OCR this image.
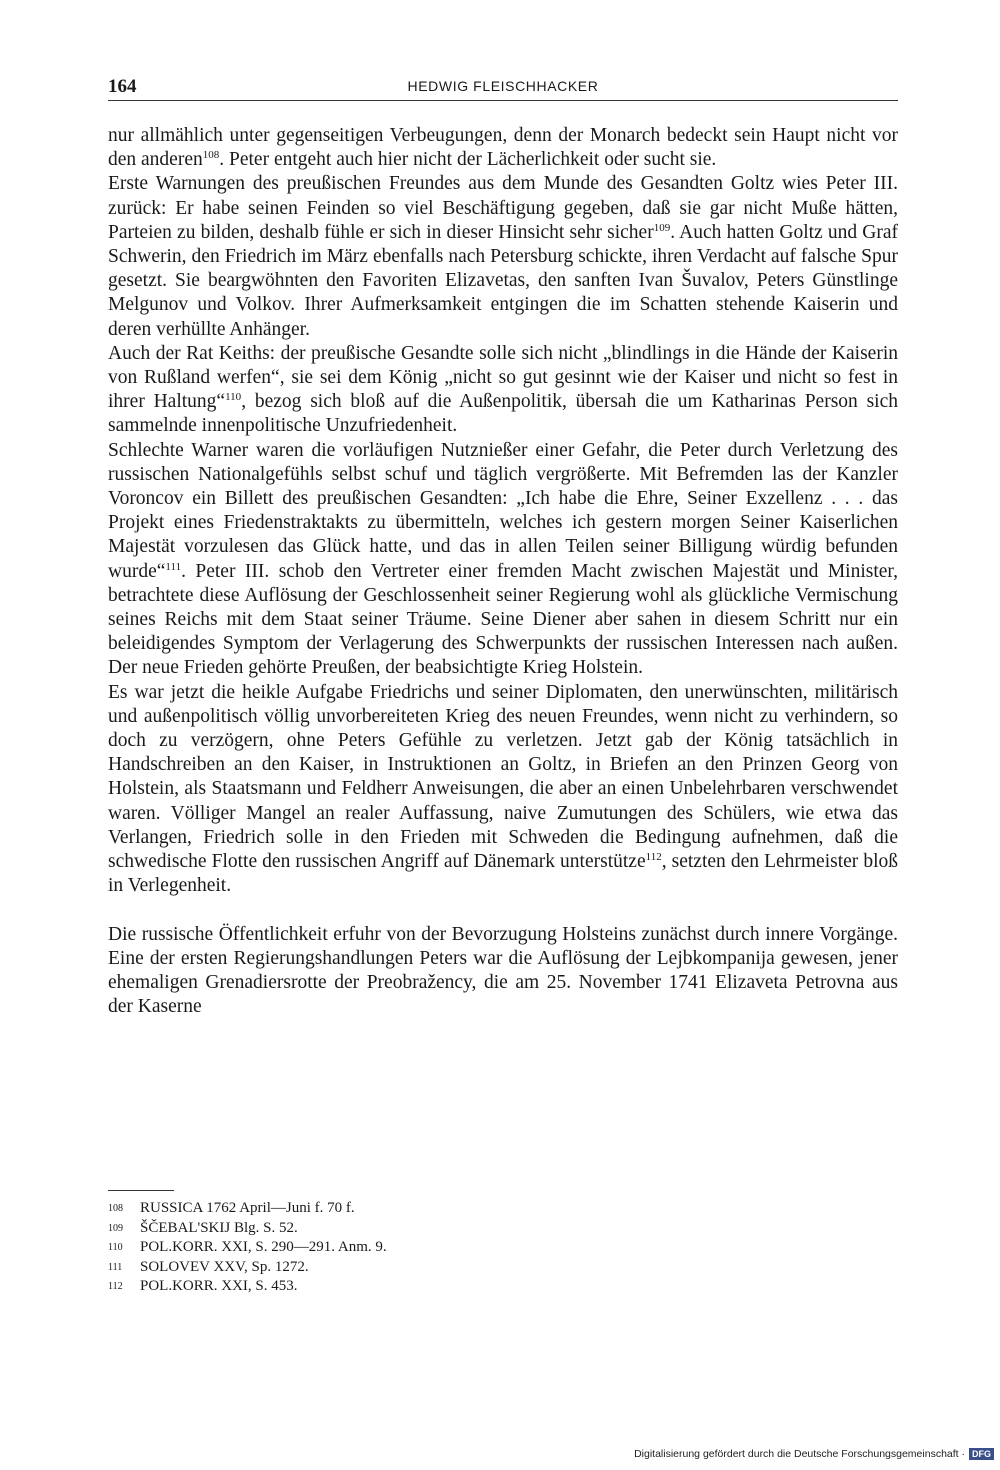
164	HEDWIG FLEISCHHACKER

nur allmählich unter gegenseitigen Verbeugungen, denn der Monarch bedeckt sein Haupt nicht vor den anderen$^{108}$. Peter entgeht auch hier nicht der Lächerlichkeit oder sucht sie.

Erste Warnungen des preußischen Freundes aus dem Munde des Gesandten Goltz wies Peter III. zurück: Er habe seinen Feinden so viel Beschäftigung gegeben, daß sie gar nicht Muße hätten, Parteien zu bilden, deshalb fühle er sich in dieser Hinsicht sehr sicher$^{109}$. Auch hatten Goltz und Graf Schwerin, den Friedrich im März ebenfalls nach Petersburg schickte, ihren Verdacht auf falsche Spur gesetzt. Sie beargwöhnten den Favoriten Elizavetas, den sanften Ivan Šuvalov, Peters Günstlinge Melgunov und Volkov. Ihrer Aufmerksamkeit entgingen die im Schatten stehende Kaiserin und deren verhüllte Anhänger.

Auch der Rat Keiths: der preußische Gesandte solle sich nicht „blindlings in die Hände der Kaiserin von Rußland werfen“, sie sei dem König „nicht so gut gesinnt wie der Kaiser und nicht so fest in ihrer Haltung“$^{110}$, bezog sich bloß auf die Außenpolitik, übersah die um Katharinas Person sich sammelnde innenpolitische Unzufriedenheit.

Schlechte Warner waren die vorläufigen Nutznießer einer Gefahr, die Peter durch Verletzung des russischen Nationalgefühls selbst schuf und täglich vergrößerte. Mit Befremden las der Kanzler Voroncov ein Billett des preußischen Gesandten: „Ich habe die Ehre, Seiner Exzellenz . . . das Projekt eines Friedenstraktakts zu übermitteln, welches ich gestern morgen Seiner Kaiserlichen Majestät vorzulesen das Glück hatte, und das in allen Teilen seiner Billigung würdig befunden wurde“$^{111}$. Peter III. schob den Vertreter einer fremden Macht zwischen Majestät und Minister, betrachtete diese Auflösung der Geschlossenheit seiner Regierung wohl als glückliche Vermischung seines Reichs mit dem Staat seiner Träume. Seine Diener aber sahen in diesem Schritt nur ein beleidigendes Symptom der Verlagerung des Schwerpunkts der russischen Interessen nach außen. Der neue Frieden gehörte Preußen, der beabsichtigte Krieg Holstein.

Es war jetzt die heikle Aufgabe Friedrichs und seiner Diplomaten, den unerwünschten, militärisch und außenpolitisch völlig unvorbereiteten Krieg des neuen Freundes, wenn nicht zu verhindern, so doch zu verzögern, ohne Peters Gefühle zu verletzen. Jetzt gab der König tatsächlich in Handschreiben an den Kaiser, in Instruktionen an Goltz, in Briefen an den Prinzen Georg von Holstein, als Staatsmann und Feldherr Anweisungen, die aber an einen Unbelehrbaren verschwendet waren. Völliger Mangel an realer Auffassung, naive Zumutungen des Schülers, wie etwa das Verlangen, Friedrich solle in den Frieden mit Schweden die Bedingung aufnehmen, daß die schwedische Flotte den russischen Angriff auf Dänemark unterstütze$^{112}$, setzten den Lehrmeister bloß in Verlegenheit.

Die russische Öffentlichkeit erfuhr von der Bevorzugung Holsteins zunächst durch innere Vorgänge. Eine der ersten Regierungshandlungen Peters war die Auflösung der Lejbkompanija gewesen, jener ehemaligen Grenadiersrotte der Preobražency, die am 25. November 1741 Elizaveta Petrovna aus der Kaserne

108	RUSSICA 1762 April—Juni f. 70 f.
109	ŠČEBAL'SKIJ Blg. S. 52.
110	POL.KORR. XXI, S. 290—291. Anm. 9.
111	SOLOVEV XXV, Sp. 1272.
112	POL.KORR. XXI, S. 453.
Digitalisierung gefördert durch die Deutsche Forschungsgemeinschaft · DFG
